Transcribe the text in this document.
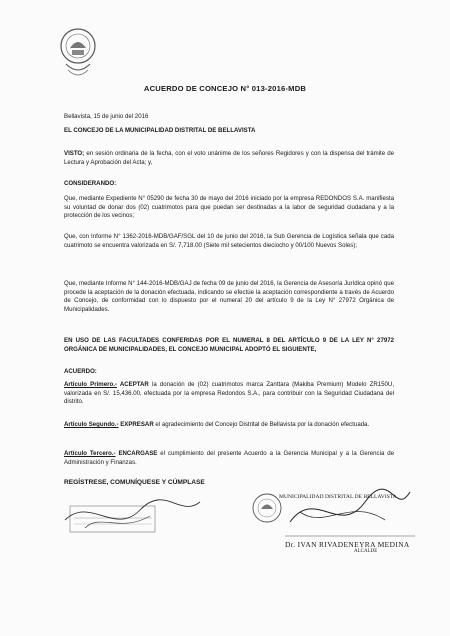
ACUERDO DE CONCEJO N° 013-2016-MDB
Bellavista, 15 de junio del 2016
EL CONCEJO DE LA MUNICIPALIDAD DISTRITAL DE BELLAVISTA
VISTO; en sesión ordinaria de la fecha, con el voto unánime de los señores Regidores y con la dispensa del trámite de Lectura y Aprobación del Acta; y,
CONSIDERANDO:
Que, mediante Expediente N° 05290 de fecha 30 de mayo del 2016 iniciado por la empresa REDONDOS S.A. manifiesta su voluntad de donar dos (02) cuatrimotos para que puedan ser destinadas a la labor de seguridad ciudadana y a la protección de los vecinos;
Que, con Informe N° 1362-2016-MDB/GAF/SGL del 10 de junio del 2016, la Sub Gerencia de Logística señala que cada cuatrimoto se encuentra valorizada en S/. 7,718.00 (Siete mil setecientos dieciocho y 00/100 Nuevos Soles);
Que, mediante Informe N° 144-2016-MDB/GAJ de fecha 09 de junio del 2016, la Gerencia de Asesoría Jurídica opinó que procede la aceptación de la donación efectuada, indicando se efectúe la aceptación correspondiente a través de Acuerdo de Concejo, de conformidad con lo dispuesto por el numeral 20 del artículo 9 de la Ley N° 27972 Orgánica de Municipalidades.
EN USO DE LAS FACULTADES CONFERIDAS POR EL NUMERAL 8 DEL ARTÍCULO 9 DE LA LEY N° 27972 ORGÁNICA DE MUNICIPALIDADES, EL CONCEJO MUNICIPAL ADOPTÓ EL SIGUIENTE,
ACUERDO:
Artículo Primero.- ACEPTAR la donación de (02) cuatrimotos marca Zanttara (Makiba Premium) Modelo ZR150U, valorizada en S/. 15,436.00, efectuada por la empresa Redondos S.A., para contribuir con la Seguridad Ciudadana del distrito.
Artículo Segundo.- EXPRESAR el agradecimiento del Concejo Distrital de Bellavista por la donación efectuada.
Artículo Tercero.- ENCARGASE el cumplimiento del presente Acuerdo a la Gerencia Municipal y a la Gerencia de Administración y Finanzas.
REGÍSTRESE, COMUNÍQUESE Y CÚMPLASE
MUNICIPALIDAD DISTRITAL DE BELLAVISTA
Dr. IVAN RIVADENEYRA MEDINA
ALCALDE
